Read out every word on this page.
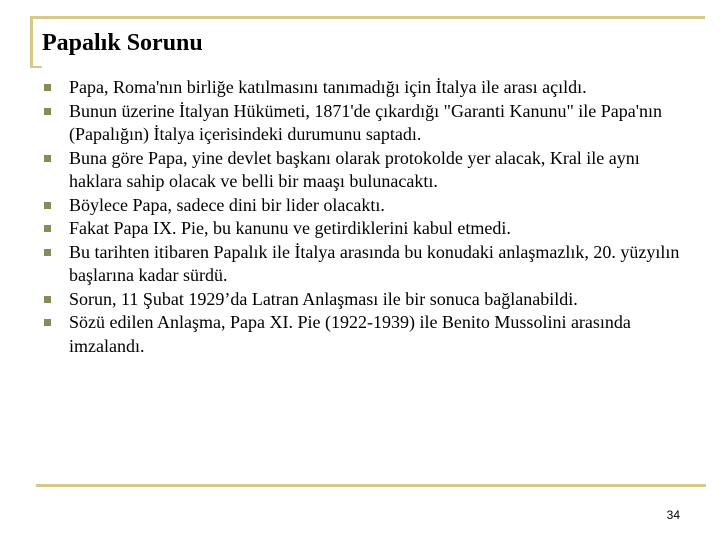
Papalık Sorunu
Papa, Roma'nın birliğe katılmasını tanımadığı için İtalya ile arası açıldı.
Bunun üzerine İtalyan Hükümeti, 1871'de çıkardığı "Garanti Kanunu" ile Papa'nın (Papalığın) İtalya içerisindeki durumunu saptadı.
Buna göre Papa, yine devlet başkanı olarak protokolde yer alacak, Kral ile aynı haklara sahip olacak ve belli bir maaşı bulunacaktı.
Böylece Papa, sadece dini bir lider olacaktı.
Fakat Papa IX. Pie, bu kanunu ve getirdiklerini kabul etmedi.
Bu tarihten itibaren Papalık ile İtalya arasında bu konudaki anlaşmazlık, 20. yüzyılın başlarına kadar sürdü.
Sorun, 11 Şubat 1929’da Latran Anlaşması ile bir sonuca bağlanabildi.
Sözü edilen Anlaşma, Papa XI. Pie (1922-1939) ile Benito Mussolini arasında imzalandı.
34
